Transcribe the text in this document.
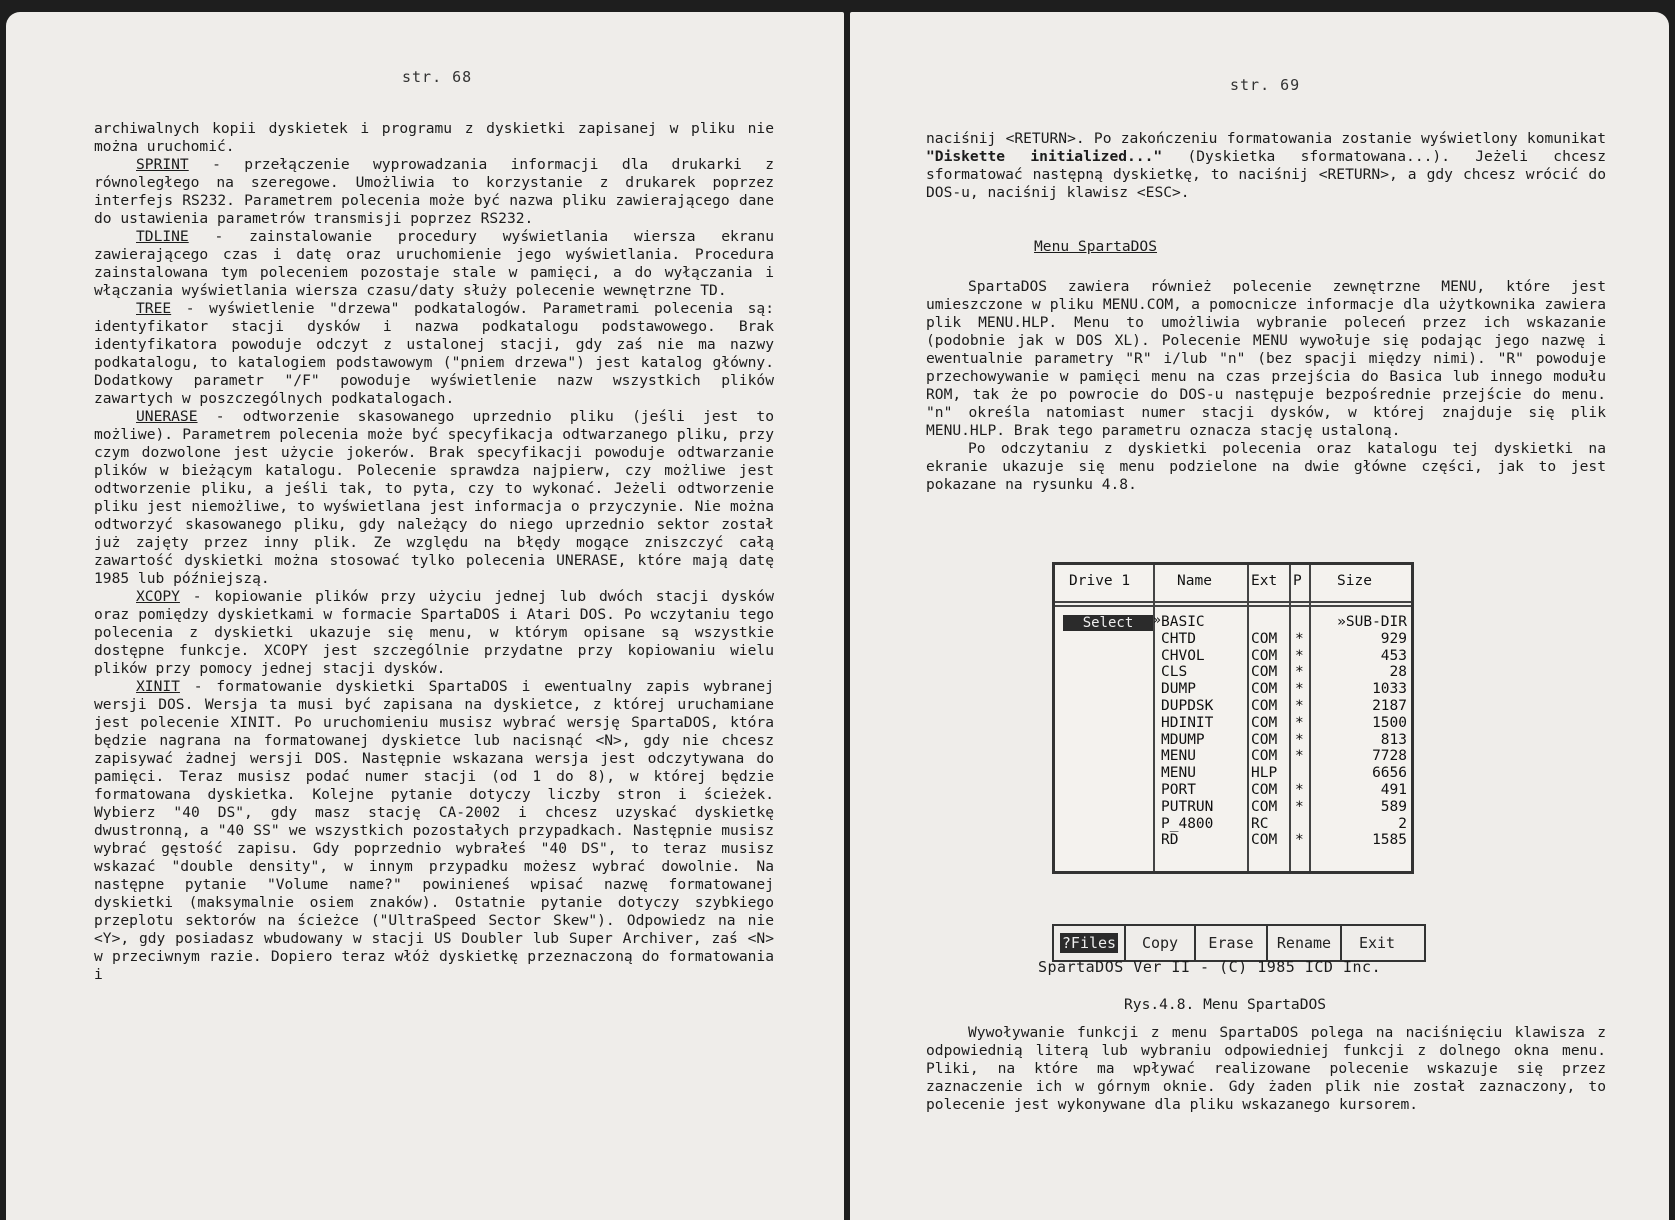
str. 68

archiwalnych kopii dyskietek i programu z dyskietki zapisanej w pliku nie można uruchomić.

SPRINT - przełączenie wyprowadzania informacji dla drukarki z równoległego na szeregowe. Umożliwia to korzystanie z drukarek poprzez interfejs RS232. Parametrem polecenia może być nazwa pliku zawierającego dane do ustawienia parametrów transmisji poprzez RS232.

TDLINE - zainstalowanie procedury wyświetlania wiersza ekranu zawierającego czas i datę oraz uruchomienie jego wyświetlania. Procedura zainstalowana tym poleceniem pozostaje stale w pamięci, a do wyłączania i włączania wyświetlania wiersza czasu/daty służy polecenie wewnętrzne TD.

TREE - wyświetlenie "drzewa" podkatalogów. Parametrami polecenia są: identyfikator stacji dysków i nazwa podkatalogu podstawowego. Brak identyfikatora powoduje odczyt z ustalonej stacji, gdy zaś nie ma nazwy podkatalogu, to katalogiem podstawowym ("pniem drzewa") jest katalog główny. Dodatkowy parametr "/F" powoduje wyświetlenie nazw wszystkich plików zawartych w poszczególnych podkatalogach.

UNERASE - odtworzenie skasowanego uprzednio pliku (jeśli jest to możliwe). Parametrem polecenia może być specyfikacja odtwarzanego pliku, przy czym dozwolone jest użycie jokerów. Brak specyfikacji powoduje odtwarzanie plików w bieżącym katalogu. Polecenie sprawdza najpierw, czy możliwe jest odtworzenie pliku, a jeśli tak, to pyta, czy to wykonać. Jeżeli odtworzenie pliku jest niemożliwe, to wyświetlana jest informacja o przyczynie. Nie można odtworzyć skasowanego pliku, gdy należący do niego uprzednio sektor został już zajęty przez inny plik. Ze względu na błędy mogące zniszczyć całą zawartość dyskietki można stosować tylko polecenia UNERASE, które mają datę 1985 lub późniejszą.

XCOPY - kopiowanie plików przy użyciu jednej lub dwóch stacji dysków oraz pomiędzy dyskietkami w formacie SpartaDOS i Atari DOS. Po wczytaniu tego polecenia z dyskietki ukazuje się menu, w którym opisane są wszystkie dostępne funkcje. XCOPY jest szczególnie przydatne przy kopiowaniu wielu plików przy pomocy jednej stacji dysków.

XINIT - formatowanie dyskietki SpartaDOS i ewentualny zapis wybranej wersji DOS. Wersja ta musi być zapisana na dyskietce, z której uruchamiane jest polecenie XINIT. Po uruchomieniu musisz wybrać wersję SpartaDOS, która będzie nagrana na formatowanej dyskietce lub nacisnąć <N>, gdy nie chcesz zapisywać żadnej wersji DOS. Następnie wskazana wersja jest odczytywana do pamięci. Teraz musisz podać numer stacji (od 1 do 8), w której będzie formatowana dyskietka. Kolejne pytanie dotyczy liczby stron i ścieżek. Wybierz "40 DS", gdy masz stację CA-2002 i chcesz uzyskać dyskietkę dwustronną, a "40 SS" we wszystkich pozostałych przypadkach. Następnie musisz wybrać gęstość zapisu. Gdy poprzednio wybrałeś "40 DS", to teraz musisz wskazać "double density", w innym przypadku możesz wybrać dowolnie. Na następne pytanie "Volume name?" powinieneś wpisać nazwę formatowanej dyskietki (maksymalnie osiem znaków). Ostatnie pytanie dotyczy szybkiego przeplotu sektorów na ścieżce ("UltraSpeed Sector Skew"). Odpowiedz na nie <Y>, gdy posiadasz wbudowany w stacji US Doubler lub Super Archiver, zaś <N> w przeciwnym razie. Dopiero teraz włóż dyskietkę przeznaczoną do formatowania i

str. 69
naciśnij <RETURN>. Po zakończeniu formatowania zostanie wyświetlony komunikat "Diskette initialized..." (Dyskietka sformatowana...). Jeżeli chcesz sformatować następną dyskietkę, to naciśnij <RETURN>, a gdy chcesz wrócić do DOS-u, naciśnij klawisz <ESC>.
Menu SpartaDOS

SpartaDOS zawiera również polecenie zewnętrzne MENU, które jest umieszczone w pliku MENU.COM, a pomocnicze informacje dla użytkownika zawiera plik MENU.HLP. Menu to umożliwia wybranie poleceń przez ich wskazanie (podobnie jak w DOS XL). Polecenie MENU wywołuje się podając jego nazwę i ewentualnie parametry "R" i/lub "n" (bez spacji między nimi). "R" powoduje przechowywanie w pamięci menu na czas przejścia do Basica lub innego modułu ROM, tak że po powrocie do DOS-u następuje bezpośrednie przejście do menu. "n" określa natomiast numer stacji dysków, w której znajduje się plik MENU.HLP. Brak tego parametru oznacza stację ustaloną.

Po odczytaniu z dyskietki polecenia oraz katalogu tej dyskietki na ekranie ukazuje się menu podzielone na dwie główne części, jak to jest pokazane na rysunku 4.8.

Drive 1	Name	Ext P Size
Select	» BASIC	»SUB-DIR
CHTD	COM *	929
CHVOL	COM *	453
CLS	COM *	28
DUMP	COM *	1033
DUPDSK	COM *	2187
HDINIT	COM *	1500
MDUMP	COM *	813
MENU	COM *	7728
MENU	HLP	6656
PORT	COM *	491
PUTRUN	COM *	589
P_4800	RC	2
RD	COM *	1585
?Files Copy Erase Rename Exit
SpartaDOS Ver II - (C) 1985 ICD Inc.
Rys.4.8. Menu SpartaDOS
Wywoływanie funkcji z menu SpartaDOS polega na naciśnięciu klawisza z odpowiednią literą lub wybraniu odpowiedniej funkcji z dolnego okna menu. Pliki, na które ma wpływać realizowane polecenie wskazuje się przez zaznaczenie ich w górnym oknie. Gdy żaden plik nie został zaznaczony, to polecenie jest wykonywane dla pliku wskazanego kursorem.
